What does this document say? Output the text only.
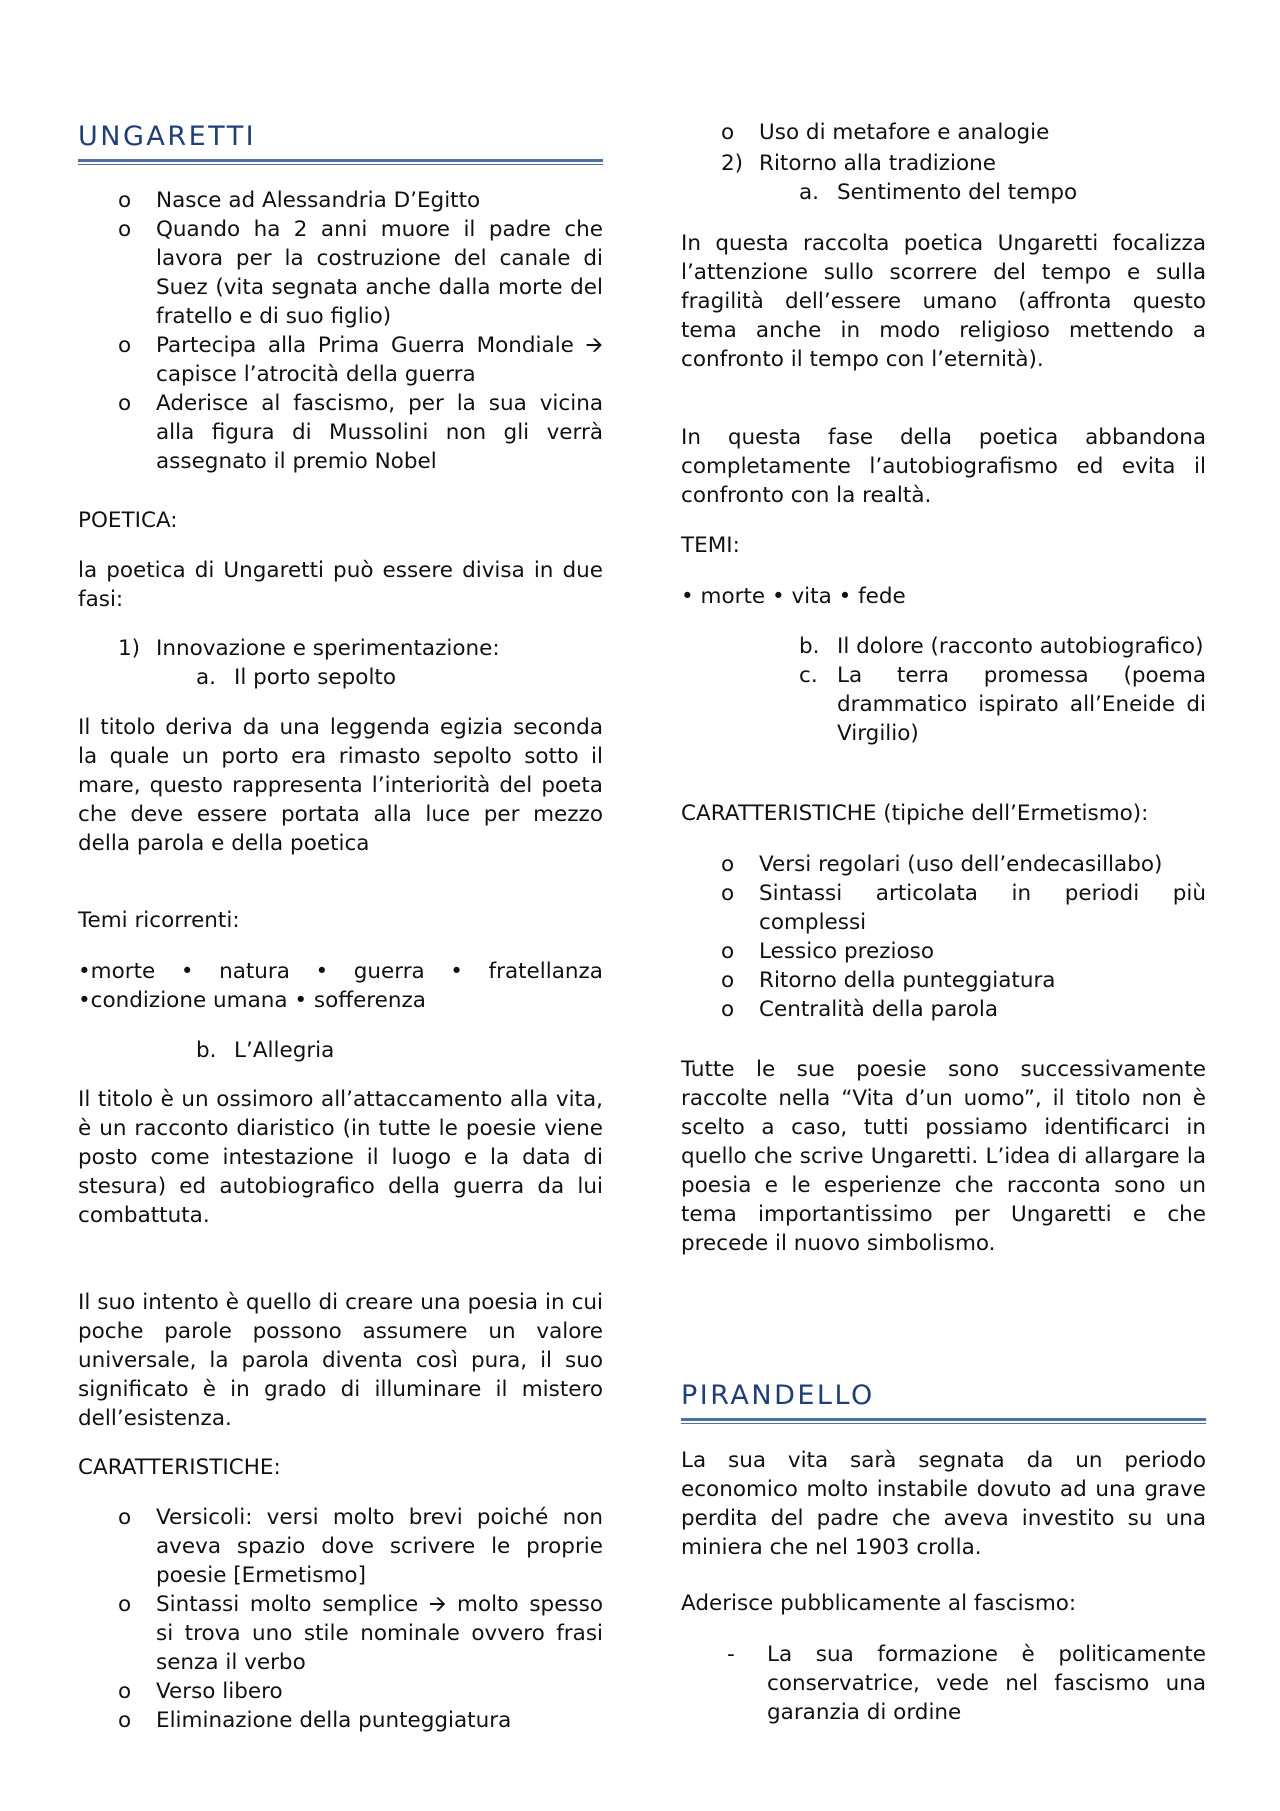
UNGARETTI
o Nasce ad Alessandria D’Egitto
o Quando ha 2 anni muore il padre che lavora per la costruzione del canale di Suez (vita segnata anche dalla morte del fratello e di suo figlio)
o Partecipa alla Prima Guerra Mondiale 🡪 capisce l’atrocità della guerra
o Aderisce al fascismo, per la sua vicina alla figura di Mussolini non gli verrà assegnato il premio Nobel
POETICA:
la poetica di Ungaretti può essere divisa in due fasi:
1) Innovazione e sperimentazione:
a. Il porto sepolto
Il titolo deriva da una leggenda egizia seconda la quale un porto era rimasto sepolto sotto il mare, questo rappresenta l’interiorità del poeta che deve essere portata alla luce per mezzo della parola e della poetica
Temi ricorrenti:
•morte • natura • guerra • fratellanza •condizione umana • sofferenza
b. L’Allegria
Il titolo è un ossimoro all’attaccamento alla vita, è un racconto diaristico (in tutte le poesie viene posto come intestazione il luogo e la data di stesura) ed autobiografico della guerra da lui combattuta.
Il suo intento è quello di creare una poesia in cui poche parole possono assumere un valore universale, la parola diventa così pura, il suo significato è in grado di illuminare il mistero dell’esistenza.
CARATTERISTICHE:
o Versicoli: versi molto brevi poiché non aveva spazio dove scrivere le proprie poesie [Ermetismo]
o Sintassi molto semplice 🡪 molto spesso si trova uno stile nominale ovvero frasi senza il verbo
o Verso libero
o Eliminazione della punteggiatura
o Uso di metafore e analogie
2) Ritorno alla tradizione
a. Sentimento del tempo
In questa raccolta poetica Ungaretti focalizza l’attenzione sullo scorrere del tempo e sulla fragilità dell’essere umano (affronta questo tema anche in modo religioso mettendo a confronto il tempo con l’eternità).
In questa fase della poetica abbandona completamente l’autobiografismo ed evita il confronto con la realtà.
TEMI:
• morte • vita • fede
b. Il dolore (racconto autobiografico)
c. La terra promessa (poema drammatico ispirato all’Eneide di Virgilio)
CARATTERISTICHE (tipiche dell’Ermetismo):
o Versi regolari (uso dell’endecasillabo)
o Sintassi articolata in periodi più complessi
o Lessico prezioso
o Ritorno della punteggiatura
o Centralità della parola
Tutte le sue poesie sono successivamente raccolte nella “Vita d’un uomo”, il titolo non è scelto a caso, tutti possiamo identificarci in quello che scrive Ungaretti. L’idea di allargare la poesia e le esperienze che racconta sono un tema importantissimo per Ungaretti e che precede il nuovo simbolismo.
PIRANDELLO
La sua vita sarà segnata da un periodo economico molto instabile dovuto ad una grave perdita del padre che aveva investito su una miniera che nel 1903 crolla.
Aderisce pubblicamente al fascismo:
- La sua formazione è politicamente conservatrice, vede nel fascismo una garanzia di ordine
